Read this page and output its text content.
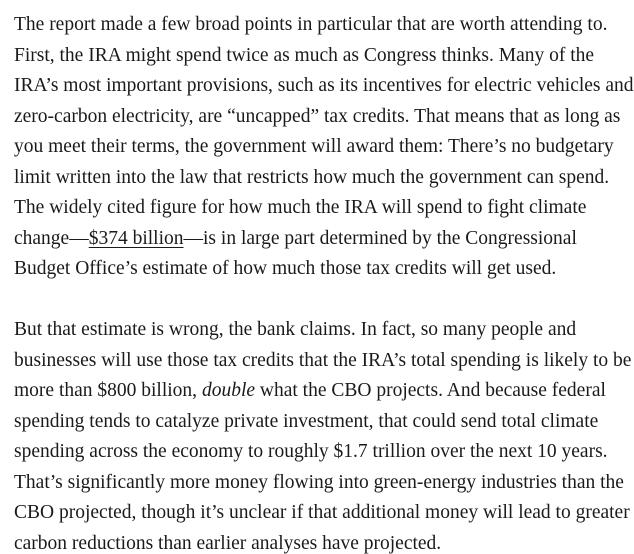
The report made a few broad points in particular that are worth attending to.
First, the IRA might spend twice as much as Congress thinks. Many of the
IRA’s most important provisions, such as its incentives for electric vehicles and
zero-carbon electricity, are “uncapped” tax credits. That means that as long as
you meet their terms, the government will award them: There’s no budgetary
limit written into the law that restricts how much the government can spend.
The widely cited figure for how much the IRA will spend to fight climate
change—$374 billion—is in large part determined by the Congressional
Budget Office’s estimate of how much those tax credits will get used.
But that estimate is wrong, the bank claims. In fact, so many people and
businesses will use those tax credits that the IRA’s total spending is likely to be
more than $800 billion, double what the CBO projects. And because federal
spending tends to catalyze private investment, that could send total climate
spending across the economy to roughly $1.7 trillion over the next 10 years.
That’s significantly more money flowing into green-energy industries than the
CBO projected, though it’s unclear if that additional money will lead to greater
carbon reductions than earlier analyses have projected.
